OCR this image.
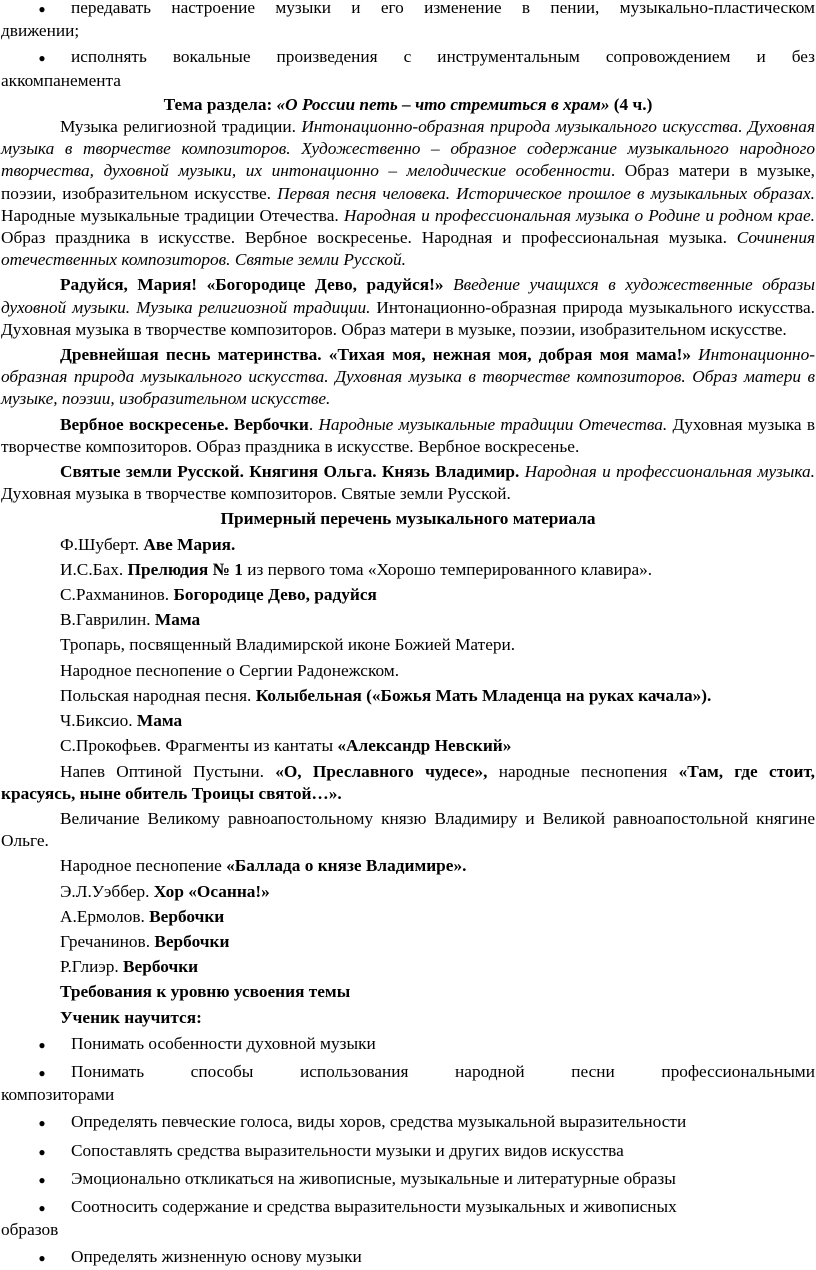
●	передавать настроение музыки и его изменение в пении, музыкально-пластическом

движении;

●	исполнять вокальные произведения с инструментальным сопровождением и без

аккомпанемента

Тема раздела: «О России петь – что стремиться в храм» (4 ч.)

Музыка религиозной традиции. Интонационно-образная природа музыкального искусства. Духовная музыка в творчестве композиторов. Художественно – образное содержание музыкального народного творчества, духовной музыки, их интонационно – мелодические особенности. Образ матери в музыке, поэзии, изобразительном искусстве. Первая песня человека. Историческое прошлое в музыкальных образах. Народные музыкальные традиции Отечества. Народная и профессиональная музыка о Родине и родном крае. Образ праздника в искусстве. Вербное воскресенье. Народная и профессиональная музыка. Сочинения отечественных композиторов. Святые земли Русской.

Радуйся, Мария! «Богородице Дево, радуйся!» Введение учащихся в художественные образы духовной музыки. Музыка религиозной традиции. Интонационно-образная природа музыкального искусства. Духовная музыка в творчестве композиторов. Образ матери в музыке, поэзии, изобразительном искусстве.

Древнейшая песнь материнства. «Тихая моя, нежная моя, добрая моя мама!» Интонационно-образная природа музыкального искусства. Духовная музыка в творчестве композиторов. Образ матери в музыке, поэзии, изобразительном искусстве.

Вербное воскресенье. Вербочки. Народные музыкальные традиции Отечества. Духовная музыка в творчестве композиторов. Образ праздника в искусстве. Вербное воскресенье.

Святые земли Русской. Княгиня Ольга. Князь Владимир. Народная и профессиональная музыка. Духовная музыка в творчестве композиторов. Святые земли Русской.

Примерный перечень музыкального материала

Ф.Шуберт. Аве Мария.

И.С.Бах. Прелюдия № 1 из первого тома «Хорошо темперированного клавира».

С.Рахманинов. Богородице Дево, радуйся

В.Гаврилин. Мама

Тропарь, посвященный Владимирской иконе Божией Матери.

Народное песнопение о Сергии Радонежском.

Польская народная песня. Колыбельная («Божья Мать Младенца на руках качала»).

Ч.Биксио. Мама

С.Прокофьев. Фрагменты из кантаты «Александр Невский»

Напев Оптиной Пустыни. «О, Преславного чудесе», народные песнопения «Там, где стоит, красуясь, ныне обитель Троицы святой…».

Величание Великому равноапостольному князю Владимиру и Великой равноапостольной княгине Ольге.

Народное песнопение «Баллада о князе Владимире».

Э.Л.Уэббер. Хор «Осанна!»

А.Ермолов. Вербочки

Гречанинов. Вербочки

Р.Глиэр. Вербочки

Требования к уровню усвоения темы

Ученик научится:

●	Понимать особенности духовной музыки
●	Понимать способы использования народной песни профессиональными

композиторами

●	Определять певческие голоса, виды хоров, средства музыкальной выразительности
●	Сопоставлять средства выразительности музыки и других видов искусства
●	Эмоционально откликаться на живописные, музыкальные и литературные образы
●	Соотносить содержание и средства выразительности музыкальных и живописных

образов

●	Определять жизненную основу музыки
